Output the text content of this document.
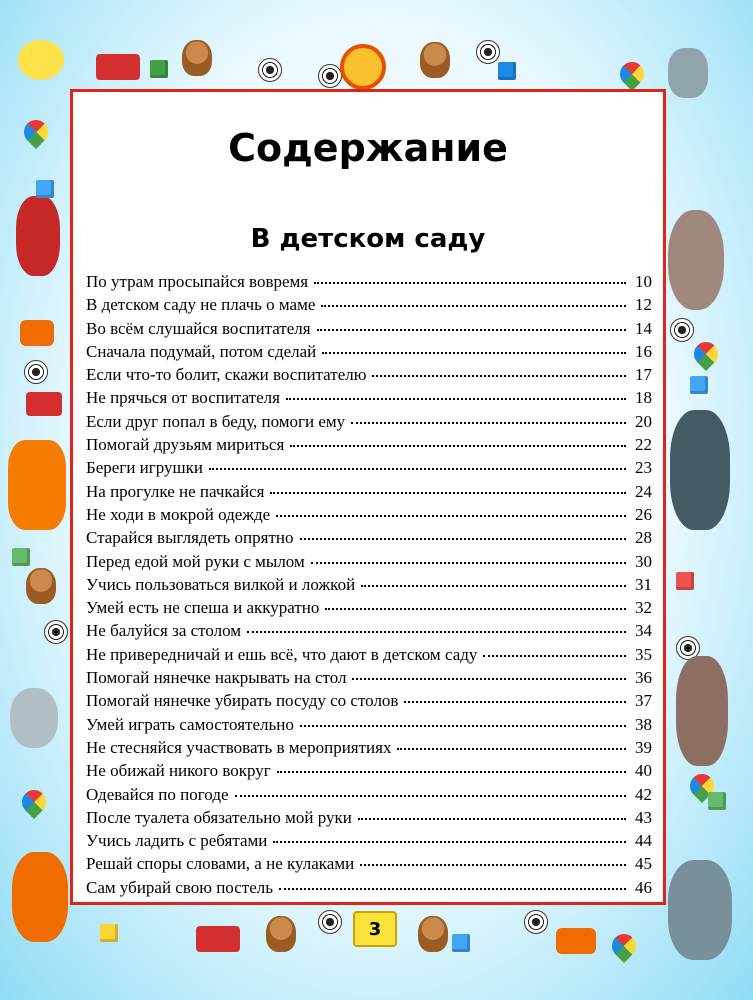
Содержание
В детском саду
По утрам просыпайся вовремя	10
В детском саду не плачь о маме	12
Во всём слушайся воспитателя	14
Сначала подумай, потом сделай	16
Если что-то болит, скажи воспитателю	17
Не прячься от воспитателя	18
Если друг попал в беду, помоги ему	20
Помогай друзьям мириться	22
Береги игрушки	23
На прогулке не пачкайся	24
Не ходи в мокрой одежде	26
Старайся выглядеть опрятно	28
Перед едой мой руки с мылом	30
Учись пользоваться вилкой и ложкой	31
Умей есть не спеша и аккуратно	32
Не балуйся за столом	34
Не привередничай и ешь всё, что дают в детском саду	35
Помогай нянечке накрывать на стол	36
Помогай нянечке убирать посуду со столов	37
Умей играть самостоятельно	38
Не стесняйся участвовать в мероприятиях	39
Не обижай никого вокруг	40
Одевайся по погоде	42
После туалета обязательно мой руки	43
Учись ладить с ребятами	44
Решай споры словами, а не кулаками	45
Сам убирай свою постель	46
3
